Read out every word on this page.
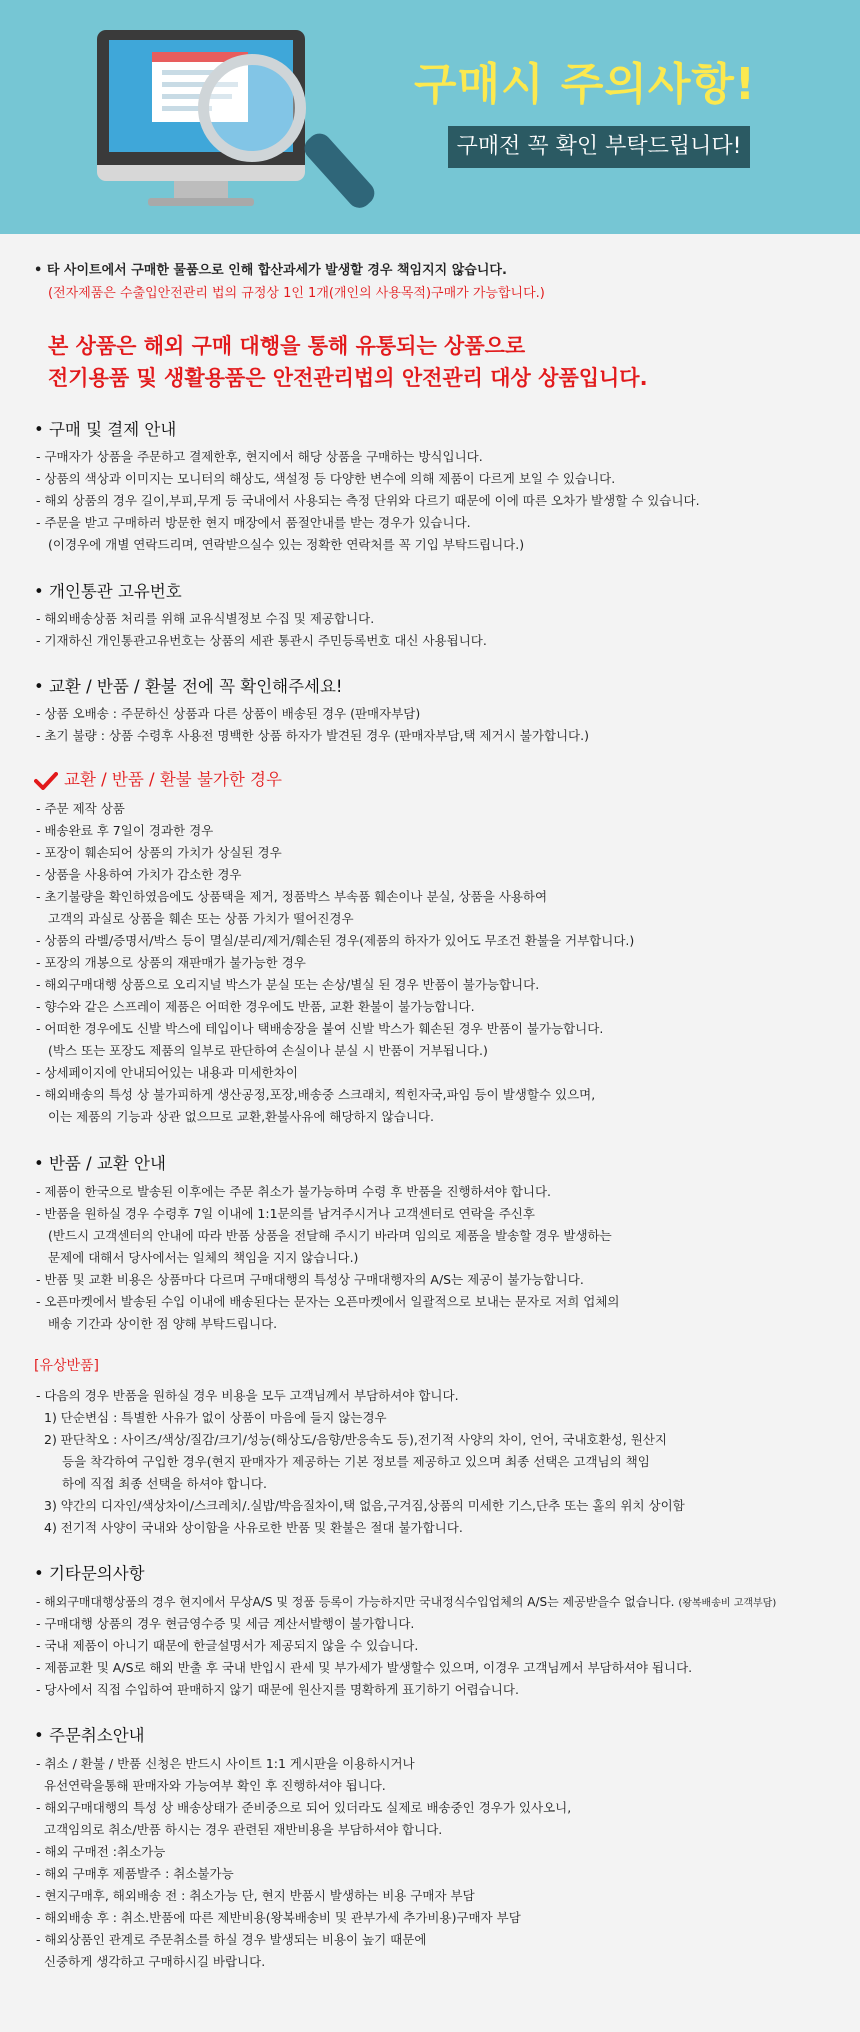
구매시 주의사항!
구매전 꼭 확인 부탁드립니다!
• 타 사이트에서 구매한 물품으로 인해 합산과세가 발생할 경우 책임지지 않습니다.
(전자제품은 수출입안전관리 법의 규정상 1인 1개(개인의 사용목적)구매가 가능합니다.)
본 상품은 해외 구매 대행을 통해 유통되는 상품으로
전기용품 및 생활용품은 안전관리법의 안전관리 대상 상품입니다.
• 구매 및 결제 안내
- 구매자가 상품을 주문하고 결제한후, 현지에서 해당 상품을 구매하는 방식입니다.
- 상품의 색상과 이미지는 모니터의 해상도, 색설정 등 다양한 변수에 의해 제품이 다르게 보일 수 있습니다.
- 해외 상품의 경우 길이,부피,무게 등 국내에서 사용되는 측정 단위와 다르기 때문에 이에 따른 오차가 발생할 수 있습니다.
- 주문을 받고 구매하러 방문한 현지 매장에서 품절안내를 받는 경우가 있습니다.
(이경우에 개별 연락드리며, 연락받으실수 있는 정확한 연락처를 꼭 기입 부탁드립니다.)
• 개인통관 고유번호
- 해외배송상품 처리를 위해 교유식별정보 수집 및 제공합니다.
- 기재하신 개인통관고유번호는 상품의 세관 통관시 주민등록번호 대신 사용됩니다.
• 교환 / 반품 / 환불 전에 꼭 확인해주세요!
- 상품 오배송 : 주문하신 상품과 다른 상품이 배송된 경우 (판매자부담)
- 초기 불량 : 상품 수령후 사용전 명백한 상품 하자가 발견된 경우 (판매자부담,택 제거시 불가합니다.)
교환 / 반품 / 환불 불가한 경우
- 주문 제작 상품
- 배송완료 후 7일이 경과한 경우
- 포장이 훼손되어 상품의 가치가 상실된 경우
- 상품을 사용하여 가치가 감소한 경우
- 초기불량을 확인하였음에도 상품택을 제거, 정품박스 부속품 훼손이나 분실, 상품을 사용하여
고객의 과실로 상품을 훼손 또는 상품 가치가 떨어진경우
- 상품의 라벨/증명서/박스 등이 멸실/분리/제거/훼손된 경우(제품의 하자가 있어도 무조건 환불을 거부합니다.)
- 포장의 개봉으로 상품의 재판매가 불가능한 경우
- 해외구매대행 상품으로 오리지널 박스가 분실 또는 손상/별실 된 경우 반품이 불가능합니다.
- 향수와 같은 스프레이 제품은 어떠한 경우에도 반품, 교환 환불이 불가능합니다.
- 어떠한 경우에도 신발 박스에 테입이나 택배송장을 붙여 신발 박스가 훼손된 경우 반품이 불가능합니다.
(박스 또는 포장도 제품의 일부로 판단하여 손실이나 분실 시 반품이 거부됩니다.)
- 상세페이지에 안내되어있는 내용과 미세한차이
- 해외배송의 특성 상 불가피하게 생산공정,포장,배송중 스크래치, 찍힌자국,파임 등이 발생할수 있으며,
이는 제품의 기능과 상관 없으므로 교환,환불사유에 해당하지 않습니다.
• 반품 / 교환 안내
- 제품이 한국으로 발송된 이후에는 주문 취소가 불가능하며 수령 후 반품을 진행하셔야 합니다.
- 반품을 원하실 경우 수령후 7일 이내에 1:1문의를 남겨주시거나 고객센터로 연락을 주신후
(반드시 고객센터의 안내에 따라 반품 상품을 전달해 주시기 바라며 임의로 제품을 발송할 경우 발생하는
문제에 대해서 당사에서는 일체의 책임을 지지 않습니다.)
- 반품 및 교환 비용은 상품마다 다르며 구매대행의 특성상 구매대행자의 A/S는 제공이 불가능합니다.
- 오픈마켓에서 발송된 수입 이내에 배송된다는 문자는 오픈마켓에서 일괄적으로 보내는 문자로 저희 업체의
배송 기간과 상이한 점 양해 부탁드립니다.
[유상반품]
- 다음의 경우 반품을 원하실 경우 비용을 모두 고객님께서 부담하셔야 합니다.
1) 단순변심 : 특별한 사유가 없이 상품이 마음에 들지 않는경우
2) 판단착오 : 사이즈/색상/질감/크기/성능(해상도/음향/반응속도 등),전기적 사양의 차이, 언어, 국내호환성, 원산지
등을 착각하여 구입한 경우(현지 판매자가 제공하는 기본 정보를 제공하고 있으며 최종 선택은 고객님의 책임
하에 직접 최종 선택을 하셔야 합니다.
3) 약간의 디자인/색상차이/스크레치/.실밥/박음질차이,택 없음,구겨짐,상품의 미세한 기스,단추 또는 홀의 위치 상이함
4) 전기적 사양이 국내와 상이함을 사유로한 반품 및 환불은 절대 불가합니다.
• 기타문의사항
- 해외구매대행상품의 경우 현지에서 무상A/S 및 정품 등록이 가능하지만 국내정식수입업체의 A/S는 제공받을수 없습니다. (왕복배송비 고객부담)
- 구매대행 상품의 경우 현금영수증 및 세금 계산서발행이 불가합니다.
- 국내 제품이 아니기 때문에 한글설명서가 제공되지 않을 수 있습니다.
- 제품교환 및 A/S로 해외 반출 후 국내 반입시 관세 및 부가세가 발생할수 있으며, 이경우 고객님께서 부담하셔야 됩니다.
- 당사에서 직접 수입하여 판매하지 않기 때문에 원산지를 명확하게 표기하기 어렵습니다.
• 주문취소안내
- 취소 / 환불 / 반품 신청은 반드시 사이트 1:1 게시판을 이용하시거나
유선연락을통해 판매자와 가능여부 확인 후 진행하셔야 됩니다.
- 해외구매대행의 특성 상 배송상태가 준비중으로 되어 있더라도 실제로 배송중인 경우가 있사오니,
고객임의로 취소/반품 하시는 경우 관련된 재반비용을 부담하셔야 합니다.
- 해외 구매전 :취소가능
- 해외 구매후 제품발주 : 취소불가능
- 현지구매후, 해외배송 전 : 취소가능 단, 현지 반품시 발생하는 비용 구매자 부담
- 해외배송 후 : 취소.반품에 따른 제반비용(왕복배송비 및 관부가세 추가비용)구매자 부담
- 해외상품인 관계로 주문취소를 하실 경우 발생되는 비용이 높기 때문에
신중하게 생각하고 구매하시길 바랍니다.
